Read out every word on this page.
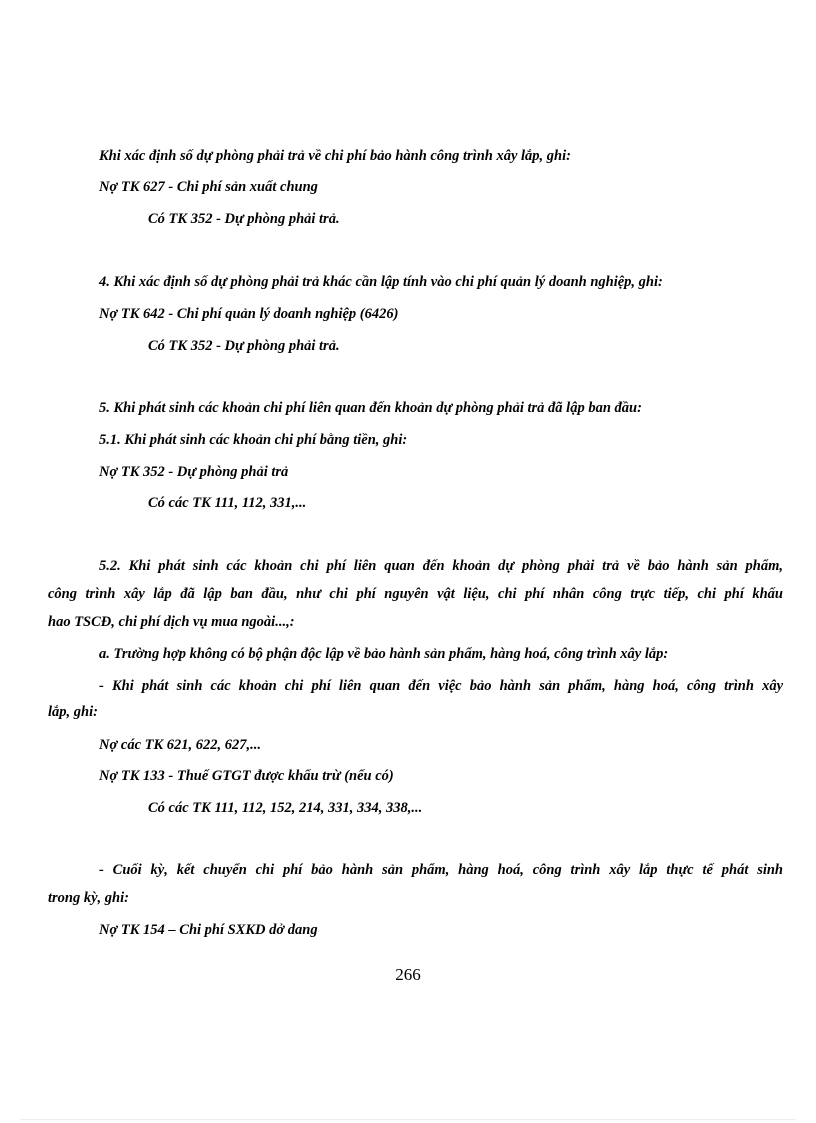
Khi xác định số dự phòng phải trả về chi phí bảo hành công trình xây lắp, ghi:
Nợ TK 627 - Chi phí sản xuất chung
Có TK 352 - Dự phòng phải trả.
4. Khi xác định số dự phòng phải trả khác cần lập tính vào chi phí quản lý doanh nghiệp, ghi:
Nợ TK 642 - Chi phí quản lý doanh nghiệp (6426)
Có TK 352 - Dự phòng phải trả.
5. Khi phát sinh các khoản chi phí liên quan đến khoản dự phòng phải trả đã lập ban đầu:
5.1. Khi phát sinh các khoản chi phí bằng tiền, ghi:
Nợ TK 352 - Dự phòng phải trả
Có các TK 111, 112, 331,...
5.2. Khi phát sinh các khoản chi phí liên quan đến khoản dự phòng phải trả về bảo hành sản phẩm,
công trình xây lắp đã lập ban đầu, như chi phí nguyên vật liệu, chi phí nhân công trực tiếp, chi phí khấu
hao TSCĐ, chi phí dịch vụ mua ngoài...,:
a. Trường hợp không có bộ phận độc lập về bảo hành sản phẩm, hàng hoá, công trình xây lắp:
- Khi phát sinh các khoản chi phí liên quan đến việc bảo hành sản phẩm, hàng hoá, công trình xây
lắp, ghi:
Nợ các TK 621, 622, 627,...
Nợ TK 133 - Thuế GTGT được khấu trừ (nếu có)
Có các TK 111, 112, 152, 214, 331, 334, 338,...
- Cuối kỳ, kết chuyển chi phí bảo hành sản phẩm, hàng hoá, công trình xây lắp thực tế phát sinh
trong kỳ, ghi:
Nợ TK 154 – Chi phí SXKD dở dang
266
